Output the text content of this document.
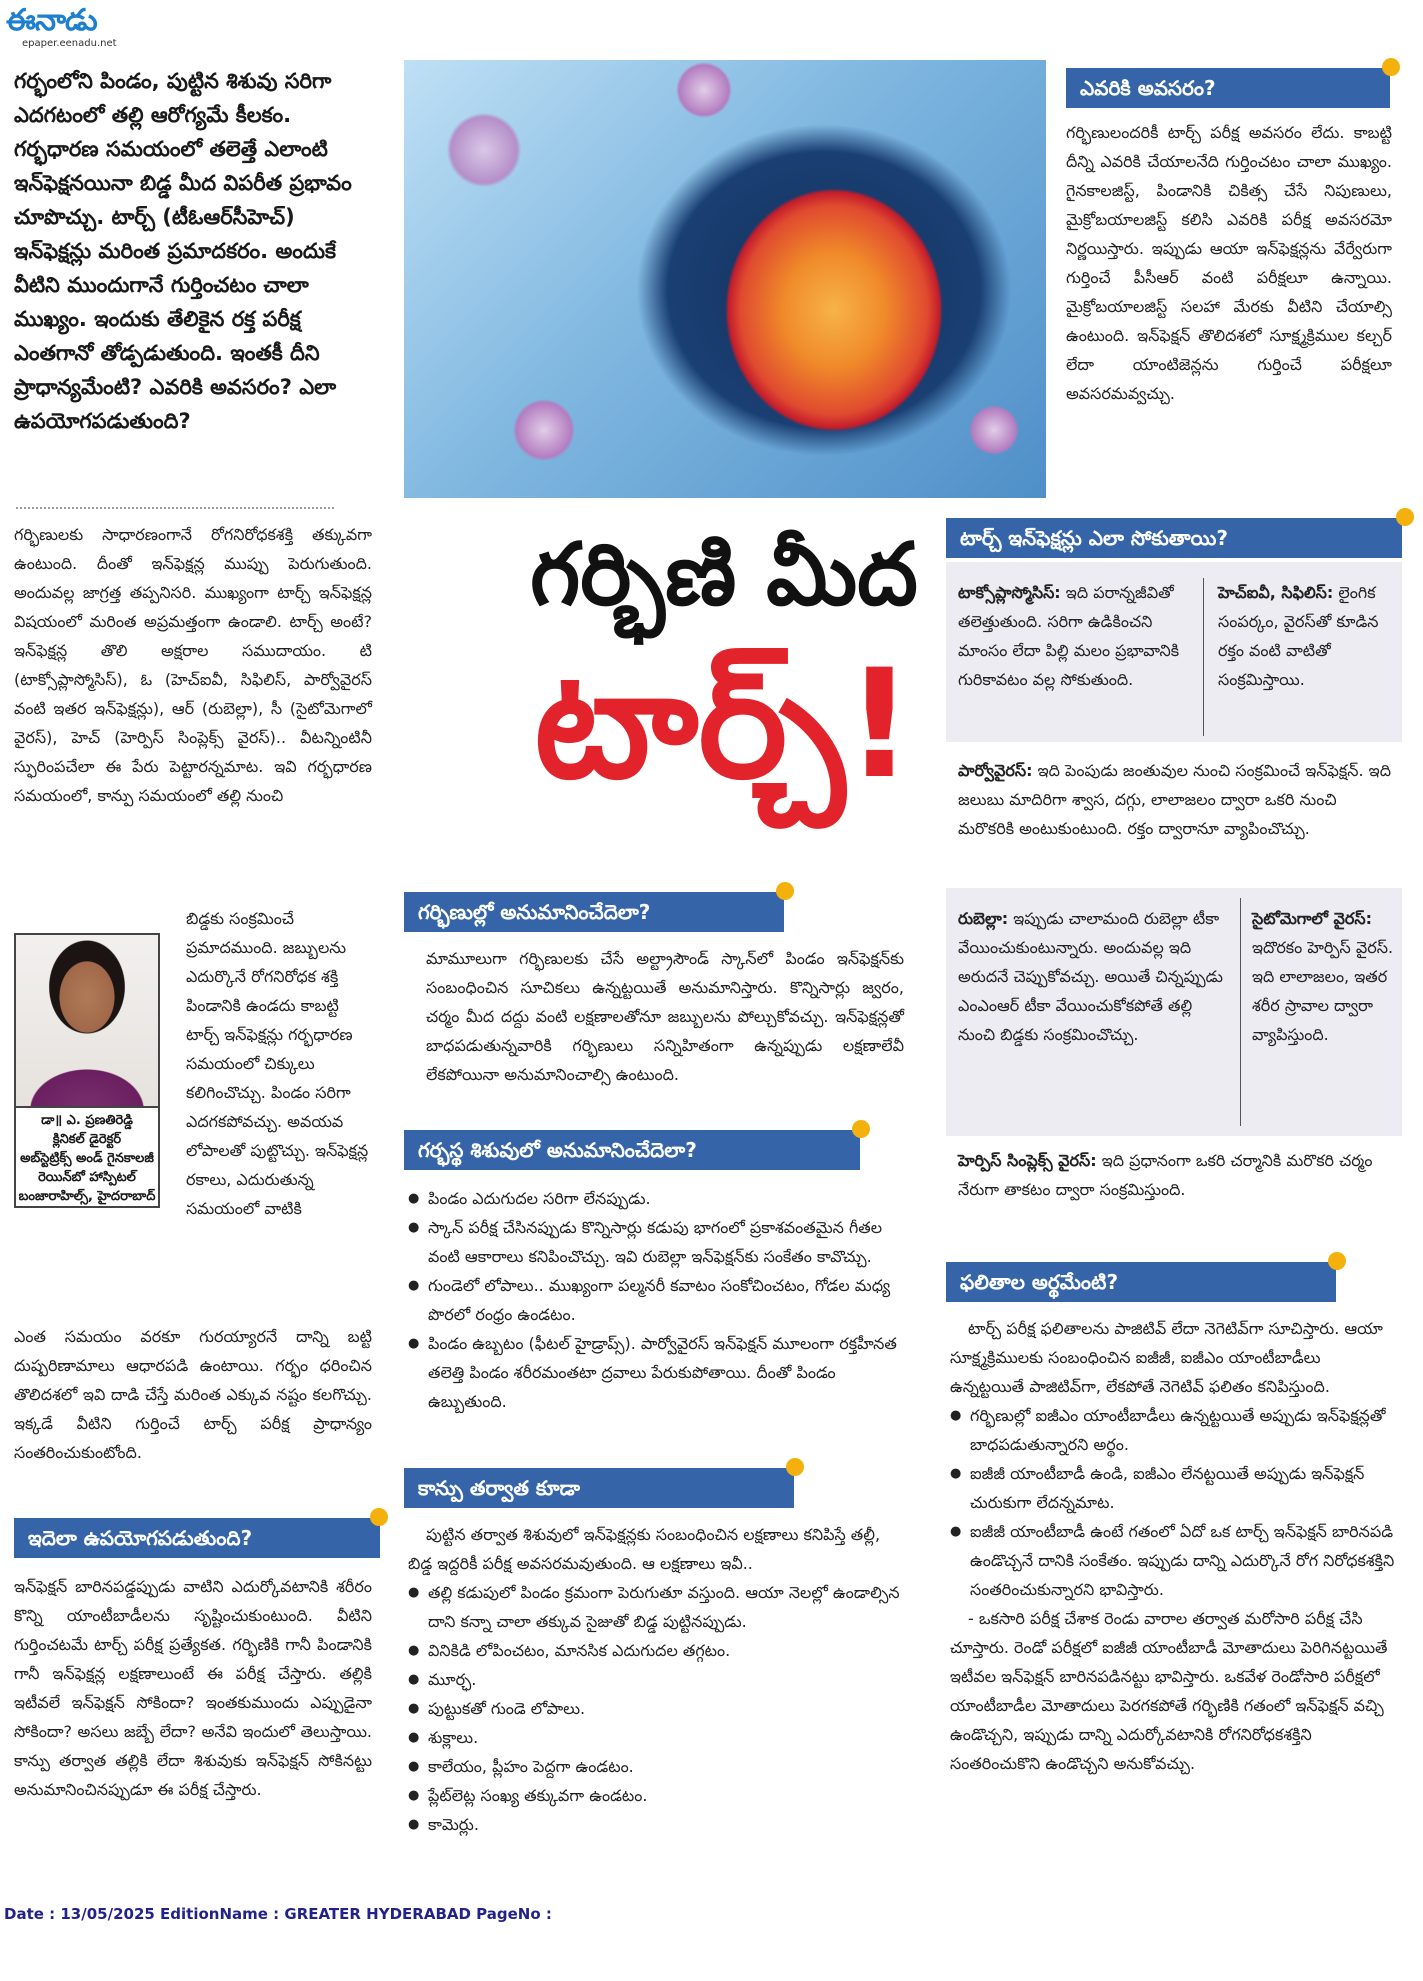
ఈనాడు
epaper.eenadu.net
గర్భంలోని పిండం, పుట్టిన శిశువు సరిగా ఎదగటంలో తల్లి ఆరోగ్యమే కీలకం. గర్భధారణ సమయంలో తలెత్తే ఎలాంటి ఇన్‌ఫెక్షనయినా బిడ్డ మీద విపరీత ప్రభావం చూపొచ్చు. టార్చ్‌ (టీఓఆర్‌సీహెచ్‌) ఇన్‌ఫెక్షన్లు మరింత ప్రమాదకరం. అందుకే వీటిని ముందుగానే గుర్తించటం చాలా ముఖ్యం. ఇందుకు తేలికైన రక్త పరీక్ష ఎంతగానో తోడ్పడుతుంది. ఇంతకీ దీని ప్రాధాన్యమేంటి? ఎవరికి అవసరం? ఎలా ఉపయోగపడుతుంది?
గర్భిణి మీద
టార్చ్‌!

గర్భిణులకు సాధారణంగానే రోగనిరోధకశక్తి తక్కువగా ఉంటుంది. దీంతో ఇన్‌ఫెక్షన్ల ముప్పు పెరుగుతుంది. అందువల్ల జాగ్రత్త తప్పనిసరి. ముఖ్యంగా టార్చ్‌ ఇన్‌ఫెక్షన్ల విషయంలో మరింత అప్రమత్తంగా ఉండాలి. టార్చ్‌ అంటే? ఇన్‌ఫెక్షన్ల తొలి అక్షరాల సముదాయం. టి (టాక్సోప్లాస్మోసిస్‌), ఓ (హెచ్‌ఐవీ, సిఫిలిస్‌, పార్వోవైరస్‌ వంటి ఇతర ఇన్‌ఫెక్షన్లు), ఆర్‌ (రుబెల్లా), సీ (సైటోమెగాలో వైరస్‌), హెచ్‌ (హెర్పిస్‌ సింప్లెక్స్‌ వైరస్‌).. వీటన్నింటినీ స్ఫురింపచేలా ఈ పేరు పెట్టారన్నమాట. ఇవి గర్భధారణ సమయంలో, కాన్పు సమయంలో తల్లి నుంచి

బిడ్డకు సంక్రమించే ప్రమాదముంది. జబ్బులను ఎదుర్కొనే రోగనిరోధక శక్తి పిండానికి ఉండదు కాబట్టి టార్చ్‌ ఇన్‌ఫెక్షన్లు గర్భధారణ సమయంలో చిక్కులు కలిగించొచ్చు. పిండం సరిగా ఎదగకపోవచ్చు. అవయవ లోపాలతో పుట్టొచ్చు. ఇన్‌ఫెక్షన్ల రకాలు, ఎదురుతున్న సమయంలో వాటికి

డా॥ ఎ. ప్రణతిరెడ్డి
క్లినికల్‌ డైరెక్టర్‌
అబ్‌స్టెట్రిక్స్‌ అండ్‌ గైనకాలజీ
రెయిన్‌బో హాస్పిటల్‌
బంజారాహిల్స్‌, హైదరాబాద్‌

ఎంత సమయం వరకూ గురయ్యారనే దాన్ని బట్టి దుష్పరిణామాలు ఆధారపడి ఉంటాయి. గర్భం ధరించిన తొలిదశలో ఇవి దాడి చేస్తే మరింత ఎక్కువ నష్టం కలగొచ్చు. ఇక్కడే వీటిని గుర్తించే టార్చ్‌ పరీక్ష ప్రాధాన్యం సంతరించుకుంటోంది.

ఇదెలా ఉపయోగపడుతుంది?
ఇన్‌ఫెక్షన్‌ బారినపడ్డప్పుడు వాటిని ఎదుర్కోవటానికి శరీరం కొన్ని యాంటీబాడీలను సృష్టించుకుంటుంది. వీటిని గుర్తించటమే టార్చ్‌ పరీక్ష ప్రత్యేకత. గర్భిణికి గానీ పిండానికి గానీ ఇన్‌ఫెక్షన్ల లక్షణాలుంటే ఈ పరీక్ష చేస్తారు. తల్లికి ఇటీవలే ఇన్‌ఫెక్షన్‌ సోకిందా? ఇంతకుముందు ఎప్పుడైనా సోకిందా? అసలు జబ్బే లేదా? అనేవి ఇందులో తెలుస్తాయి. కాన్పు తర్వాత తల్లికి లేదా శిశువుకు ఇన్‌ఫెక్షన్‌ సోకినట్టు అనుమానించినప్పుడూ ఈ పరీక్ష చేస్తారు.
ఎవరికి అవసరం?
గర్భిణులందరికీ టార్చ్‌ పరీక్ష అవసరం లేదు. కాబట్టి దీన్ని ఎవరికి చేయాలనేది గుర్తించటం చాలా ముఖ్యం. గైనకాలజిస్ట్‌, పిండానికి చికిత్స చేసే నిపుణులు, మైక్రోబయాలజిస్ట్‌ కలిసి ఎవరికి పరీక్ష అవసరమో నిర్ణయిస్తారు. ఇప్పుడు ఆయా ఇన్‌ఫెక్షన్లను వేర్వేరుగా గుర్తించే పీసీఆర్‌ వంటి పరీక్షలూ ఉన్నాయి. మైక్రోబయాలజిస్ట్‌ సలహా మేరకు వీటిని చేయాల్సి ఉంటుంది. ఇన్‌ఫెక్షన్‌ తొలిదశలో సూక్ష్మక్రిముల కల్చర్‌ లేదా యాంటిజెన్లను గుర్తించే పరీక్షలూ అవసరమవ్వచ్చు.
టార్చ్‌ ఇన్‌ఫెక్షన్లు ఎలా సోకుతాయి?
టాక్సోప్లాస్మోసిస్‌: ఇది పరాన్నజీవితో తలెత్తుతుంది. సరిగా ఉడికించని మాంసం లేదా పిల్లి మలం ప్రభావానికి గురికావటం వల్ల సోకుతుంది.
హెచ్‌ఐవీ, సిఫిలిస్‌: లైంగిక సంపర్కం, వైరస్‌తో కూడిన రక్తం వంటి వాటితో సంక్రమిస్తాయి.
పార్వోవైరస్‌: ఇది పెంపుడు జంతువుల నుంచి సంక్రమించే ఇన్‌ఫెక్షన్‌. ఇది జలుబు మాదిరిగా శ్వాస, దగ్గు, లాలాజలం ద్వారా ఒకరి నుంచి మరొకరికి అంటుకుంటుంది. రక్తం ద్వారానూ వ్యాపించొచ్చు.
రుబెల్లా: ఇప్పుడు చాలామంది రుబెల్లా టీకా వేయించుకుంటున్నారు. అందువల్ల ఇది అరుదనే చెప్పుకోవచ్చు. అయితే చిన్నప్పుడు ఎంఎంఆర్‌ టీకా వేయించుకోకపోతే తల్లి నుంచి బిడ్డకు సంక్రమించొచ్చు.
సైటోమెగాలో వైరస్‌: ఇదొరకం హెర్పిస్‌ వైరస్‌. ఇది లాలాజలం, ఇతర శరీర స్రావాల ద్వారా వ్యాపిస్తుంది.
హెర్పిస్‌ సింప్లెక్స్‌ వైరస్‌: ఇది ప్రధానంగా ఒకరి చర్మానికి మరొకరి చర్మం నేరుగా తాకటం ద్వారా సంక్రమిస్తుంది.
గర్భిణుల్లో అనుమానించేదెలా?
మామూలుగా గర్భిణులకు చేసే అల్ట్రాసౌండ్‌ స్కాన్‌లో పిండం ఇన్‌ఫెక్షన్‌కు సంబంధించిన సూచికలు ఉన్నట్టయితే అనుమానిస్తారు. కొన్నిసార్లు జ్వరం, చర్మం మీద దద్దు వంటి లక్షణాలతోనూ జబ్బులను పోల్చుకోవచ్చు. ఇన్‌ఫెక్షన్లతో బాధపడుతున్నవారికి గర్భిణులు సన్నిహితంగా ఉన్నప్పుడు లక్షణాలేవీ లేకపోయినా అనుమానించాల్సి ఉంటుంది.
గర్భస్థ శిశువులో అనుమానించేదెలా?

● పిండం ఎదుగుదల సరిగా లేనప్పుడు.

● స్కాన్‌ పరీక్ష చేసినప్పుడు కొన్నిసార్లు కడుపు భాగంలో ప్రకాశవంతమైన గీతల వంటి ఆకారాలు కనిపించొచ్చు. ఇవి రుబెల్లా ఇన్‌ఫెక్షన్‌కు సంకేతం కావొచ్చు.

● గుండెలో లోపాలు.. ముఖ్యంగా పల్మనరీ కవాటం సంకోచించటం, గోడల మధ్య పొరలో రంధ్రం ఉండటం.

● పిండం ఉబ్బటం (ఫీటల్‌ హైడ్రాప్స్‌). పార్వోవైరస్‌ ఇన్‌ఫెక్షన్‌ మూలంగా రక్తహీనత తలెత్తి పిండం శరీరమంతటా ద్రవాలు పేరుకుపోతాయి. దీంతో పిండం ఉబ్బుతుంది.

కాన్పు తర్వాత కూడా

పుట్టిన తర్వాత శిశువులో ఇన్‌ఫెక్షన్లకు సంబంధించిన లక్షణాలు కనిపిస్తే తల్లీ, బిడ్డ ఇద్దరికీ పరీక్ష అవసరమవుతుంది. ఆ లక్షణాలు ఇవీ..

● తల్లి కడుపులో పిండం క్రమంగా పెరుగుతూ వస్తుంది. ఆయా నెలల్లో ఉండాల్సిన దాని కన్నా చాలా తక్కువ సైజుతో బిడ్డ పుట్టినప్పుడు.

● వినికిడి లోపించటం, మానసిక ఎదుగుదల తగ్గటం.

● మూర్ఛ.

● పుట్టుకతో గుండె లోపాలు.

● శుక్లాలు.

● కాలేయం, ప్లీహం పెద్దగా ఉండటం.

● ప్లేట్‌లెట్ల సంఖ్య తక్కువగా ఉండటం.

● కామెర్లు.

ఫలితాల అర్థమేంటి?

టార్చ్‌ పరీక్ష ఫలితాలను పాజిటివ్‌ లేదా నెగెటివ్‌గా సూచిస్తారు. ఆయా సూక్ష్మక్రిములకు సంబంధించిన ఐజీజీ, ఐజీఎం యాంటీబాడీలు ఉన్నట్టయితే పాజిటివ్‌గా, లేకపోతే నెగెటివ్‌ ఫలితం కనిపిస్తుంది.

● గర్భిణుల్లో ఐజీఎం యాంటీబాడీలు ఉన్నట్టయితే అప్పుడు ఇన్‌ఫెక్షన్లతో బాధపడుతున్నారని అర్థం.

● ఐజీజీ యాంటీబాడీ ఉండి, ఐజీఎం లేనట్టయితే అప్పుడు ఇన్‌ఫెక్షన్‌ చురుకుగా లేదన్నమాట.

● ఐజీజీ యాంటీబాడీ ఉంటే గతంలో ఏదో ఒక టార్చ్‌ ఇన్‌ఫెక్షన్‌ బారినపడి ఉండొచ్చనే దానికి సంకేతం. ఇప్పుడు దాన్ని ఎదుర్కొనే రోగ నిరోధకశక్తిని సంతరించుకున్నారని భావిస్తారు.

- ఒకసారి పరీక్ష చేశాక రెండు వారాల తర్వాత మరోసారి పరీక్ష చేసి చూస్తారు. రెండో పరీక్షలో ఐజీజీ యాంటీబాడీ మోతాదులు పెరిగినట్టయితే ఇటీవల ఇన్‌ఫెక్షన్‌ బారినపడినట్టు భావిస్తారు. ఒకవేళ రెండోసారి పరీక్షలో యాంటీబాడీల మోతాదులు పెరగకపోతే గర్భిణికి గతంలో ఇన్‌ఫెక్షన్‌ వచ్చి ఉండొచ్చని, ఇప్పుడు దాన్ని ఎదుర్కోవటానికి రోగనిరోధకశక్తిని సంతరించుకొని ఉండొచ్చని అనుకోవచ్చు.

Date : 13/05/2025 EditionName : GREATER HYDERABAD PageNo :
